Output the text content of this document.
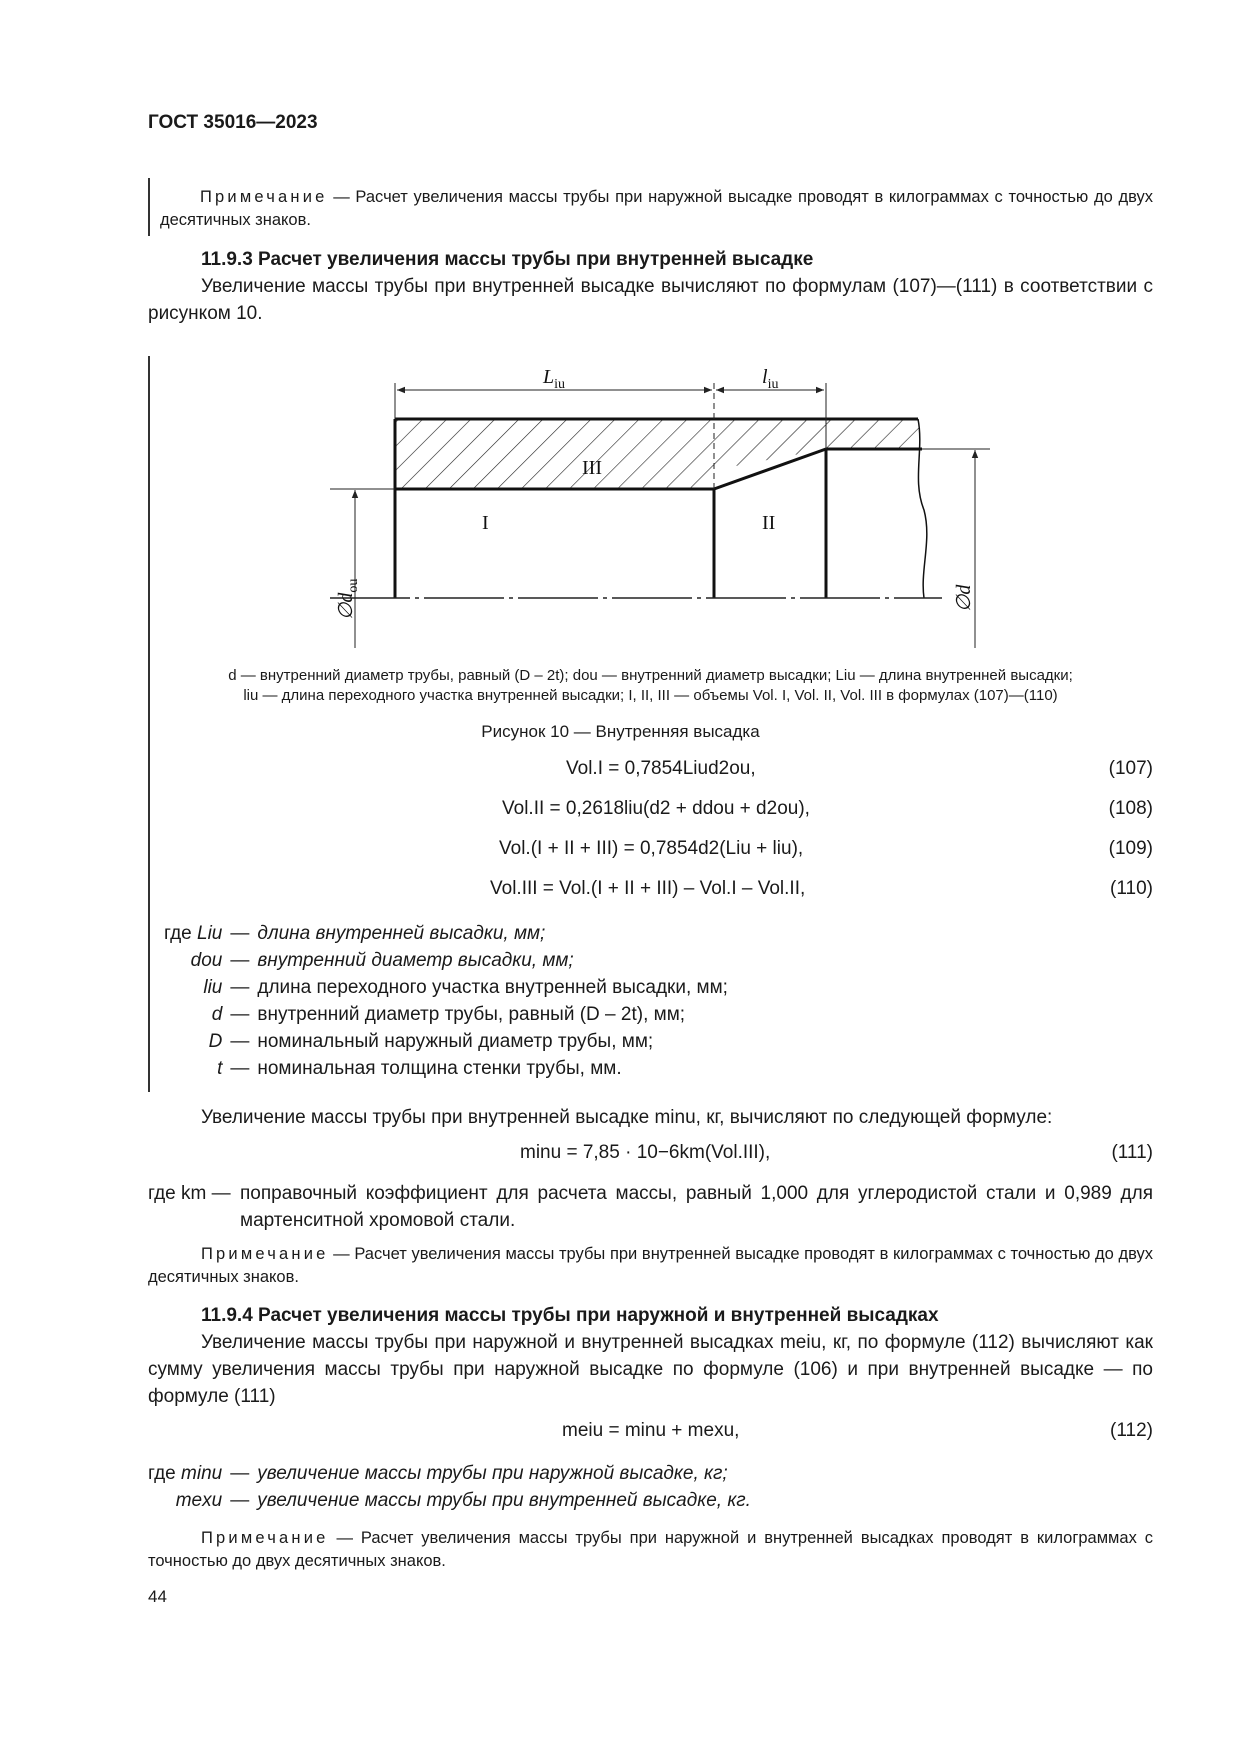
ГОСТ 35016—2023
Примечание — Расчет увеличения массы трубы при наружной высадке проводят в килограммах с точностью до двух десятичных знаков.
11.9.3 Расчет увеличения массы трубы при внутренней высадке
Увеличение массы трубы при внутренней высадке вычисляют по формулам (107)—(111) в соответствии с рисунком 10.
$L_{iu}$	$l_{iu}$
III
I	II
$\emptyset d_{ou}$	∅d
d — внутренний диаметр трубы, равный (D – 2t); dou — внутренний диаметр высадки; Liu — длина внутренней высадки;
liu — длина переходного участка внутренней высадки; I, II, III — объемы Vol. I, Vol. II, Vol. III в формулах (107)—(110)
Рисунок 10 — Внутренняя высадка
Vol.I = 0,7854Liud2ou,	(107)
Vol.II = 0,2618liu(d2 + ddou + d2ou),	(108)
Vol.(I + II + III) = 0,7854d2(Liu + liu),	(109)
Vol.III = Vol.(I + II + III) – Vol.I – Vol.II,	(110)
где Liu	—	длина внутренней высадки, мм;
dou	—	внутренний диаметр высадки, мм;
liu	—	длина переходного участка внутренней высадки, мм;
d	—	внутренний диаметр трубы, равный (D – 2t), мм;
D	—	номинальный наружный диаметр трубы, мм;
t	—	номинальная толщина стенки трубы, мм.
Увеличение массы трубы при внутренней высадке minu, кг, вычисляют по следующей формуле:
minu = 7,85 · 10−6km(Vol.III),	(111)
где km — поправочный коэффициент для расчета массы, равный 1,000 для углеродистой стали и 0,989 для мартенситной хромовой стали.
Примечание — Расчет увеличения массы трубы при внутренней высадке проводят в килограммах с точностью до двух десятичных знаков.
11.9.4 Расчет увеличения массы трубы при наружной и внутренней высадках
Увеличение массы трубы при наружной и внутренней высадках meiu, кг, по формуле (112) вычисляют как сумму увеличения массы трубы при наружной высадке по формуле (106) и при внутренней высадке — по формуле (111)
meiu = minu + mexu,	(112)
где minu	—	увеличение массы трубы при наружной высадке, кг;
mexu	—	увеличение массы трубы при внутренней высадке, кг.
Примечание — Расчет увеличения массы трубы при наружной и внутренней высадках проводят в килограммах с точностью до двух десятичных знаков.
44
